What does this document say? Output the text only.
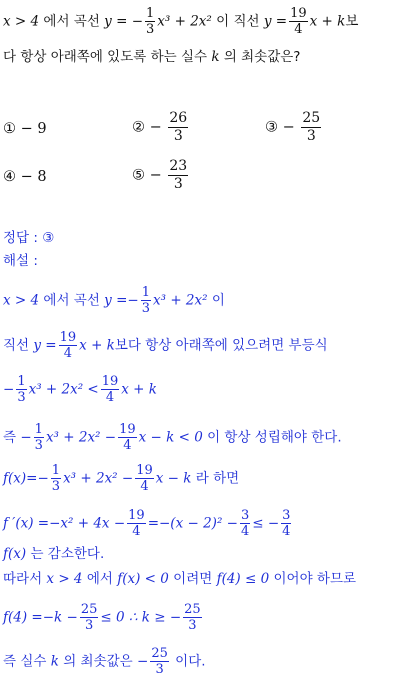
x > 4 에서 곡선 y = − $\frac{1}{3} x^3 + 2x^2$ 이 직선 $y = \frac{19}{4}$ x + k보
다 항상 아래쪽에 있도록 하는 실수 k 의 최솟값은?
① − 9	② − $\frac{26}{3}$	③ − $\frac{25}{3}$
④ − 8	⑤ − $\frac{23}{3}$
정답 : ③
해설 :
x > 4 에서 곡선 $y =- \frac{1}{3} x^3 + 2x^2$ 이
직선 $y = \frac{19}{4}$ x + k보다 항상 아래쪽에 있으려면 부등식
− $\frac{1}{3} x^3 + 2x^2 < \frac{19}{4}$ x + k
즉 − $\frac{1}{3} x^3 + 2x^2 - \frac{19}{4}$ x − k < 0 이 항상 성립해야 한다.
$f(x)=- \frac{1}{3} x^3 + 2x^2 - \frac{19}{4}$ x − k 라 하면
f $'(x) =-x^2 + 4x - \frac{19}{4} =-(x - 2)^2 - \frac{3}{4}$ ≤ − $\frac{3}{4}$
f(x) 는 감소한다.
따라서 x > 4 에서 f(x) < 0 이려면 f(4) ≤ 0 이어야 하므로
$f(4) =-k - \frac{25}{3} \le 0$ ∴ k ≥ − $\frac{25}{3}$
즉 실수 k 의 최솟값은 − $\frac{25}{3}$ 이다.
